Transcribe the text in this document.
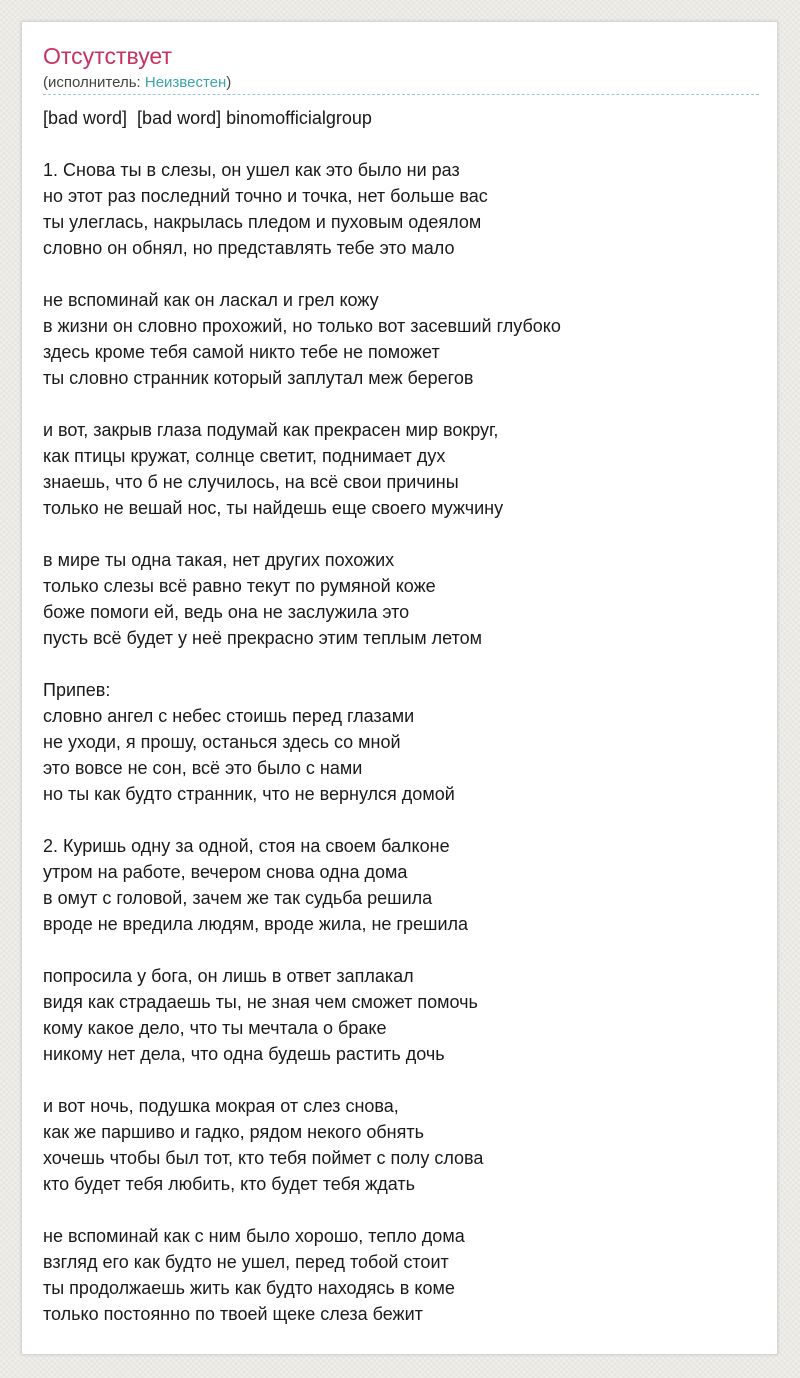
Отсутствует
(исполнитель: Неизвестен)
[bad word]  [bad word] binomofficialgroup
1. Снова ты в слезы, он ушел как это было ни раз
но этот раз последний точно и точка, нет больше вас
ты улеглась, накрылась пледом и пуховым одеялом
словно он обнял, но представлять тебе это мало
не вспоминай как он ласкал и грел кожу
в жизни он словно прохожий, но только вот засевший глубоко
здесь кроме тебя самой никто тебе не поможет
ты словно странник который заплутал меж берегов
и вот, закрыв глаза подумай как прекрасен мир вокруг,
как птицы кружат, солнце светит, поднимает дух
знаешь, что б не случилось, на всё свои причины
только не вешай нос, ты найдешь еще своего мужчину
в мире ты одна такая, нет других похожих
только слезы всё равно текут по румяной коже
боже помоги ей, ведь она не заслужила это
пусть всё будет у неё прекрасно этим теплым летом
Припев:
словно ангел с небес стоишь перед глазами
не уходи, я прошу, останься здесь со мной
это вовсе не сон, всё это было с нами
но ты как будто странник, что не вернулся домой
2. Куришь одну за одной, стоя на своем балконе
утром на работе, вечером снова одна дома
в омут с головой, зачем же так судьба решила
вроде не вредила людям, вроде жила, не грешила
попросила у бога, он лишь в ответ заплакал
видя как страдаешь ты, не зная чем сможет помочь
кому какое дело, что ты мечтала о браке
никому нет дела, что одна будешь растить дочь
и вот ночь, подушка мокрая от слез снова,
как же паршиво и гадко, рядом некого обнять
хочешь чтобы был тот, кто тебя поймет с полу слова
кто будет тебя любить, кто будет тебя ждать
не вспоминай как с ним было хорошо, тепло дома
взгляд его как будто не ушел, перед тобой стоит
ты продолжаешь жить как будто находясь в коме
только постоянно по твоей щеке слеза бежит
